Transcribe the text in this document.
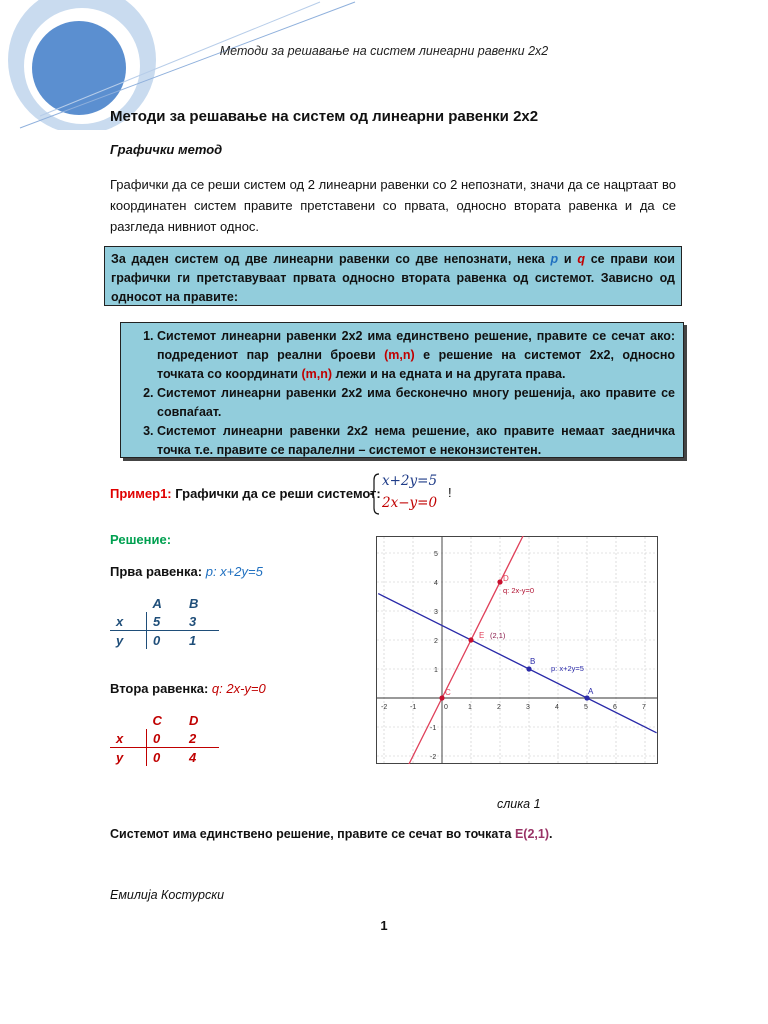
Методи за решавање на систем линеарни равенки 2х2
Методи за решавање на систем од линеарни равенки 2х2
Графички метод
Графички да се реши систем од 2 линеарни равенки со 2 непознати, значи да се нацртаат во координатен систем правите претставени со првата, односно втората равенка и да се разгледа нивниот однос.
За даден систем од две линеарни равенки со две непознати, нека p и q се прави кои графички ги претставуваат првата односно втората равенка од системот. Зависно од односот на правите:
1. Системот линеарни равенки 2х2 има единствено решение, правите се сечат ако: подредениот пар реални броеви (m,n) е решение на системот 2х2, односно точката со координати (m,n) лежи и на едната и на другата права.
2. Системот линеарни равенки 2х2 има бесконечно многу решенија, ако правите се совпаѓаат.
3. Системот линеарни равенки 2х2 нема решение, ако правите немаат заедничка точка т.е. правите се паралелни – системот е неконзистентен.
Пример1: Графички да се реши системот:
x+2y=5
2x−y=0
!
Решение:
Прва равенка: p: x+2y=5
	A	B
x	5	3
y	0	1
Втора равенка: q: 2x-y=0
	C	D
x	0	2
y	0	4
-2	-1	0	1	2	3	4	5	6	7
-2
-1
1
2
3
4
5
D
q: 2x-y=0
E (2,1)
B
p: x+2y=5
A
C
слика 1
Системот има единствено решение, правите се сечат во точката E(2,1).
Емилија Костурски
1
